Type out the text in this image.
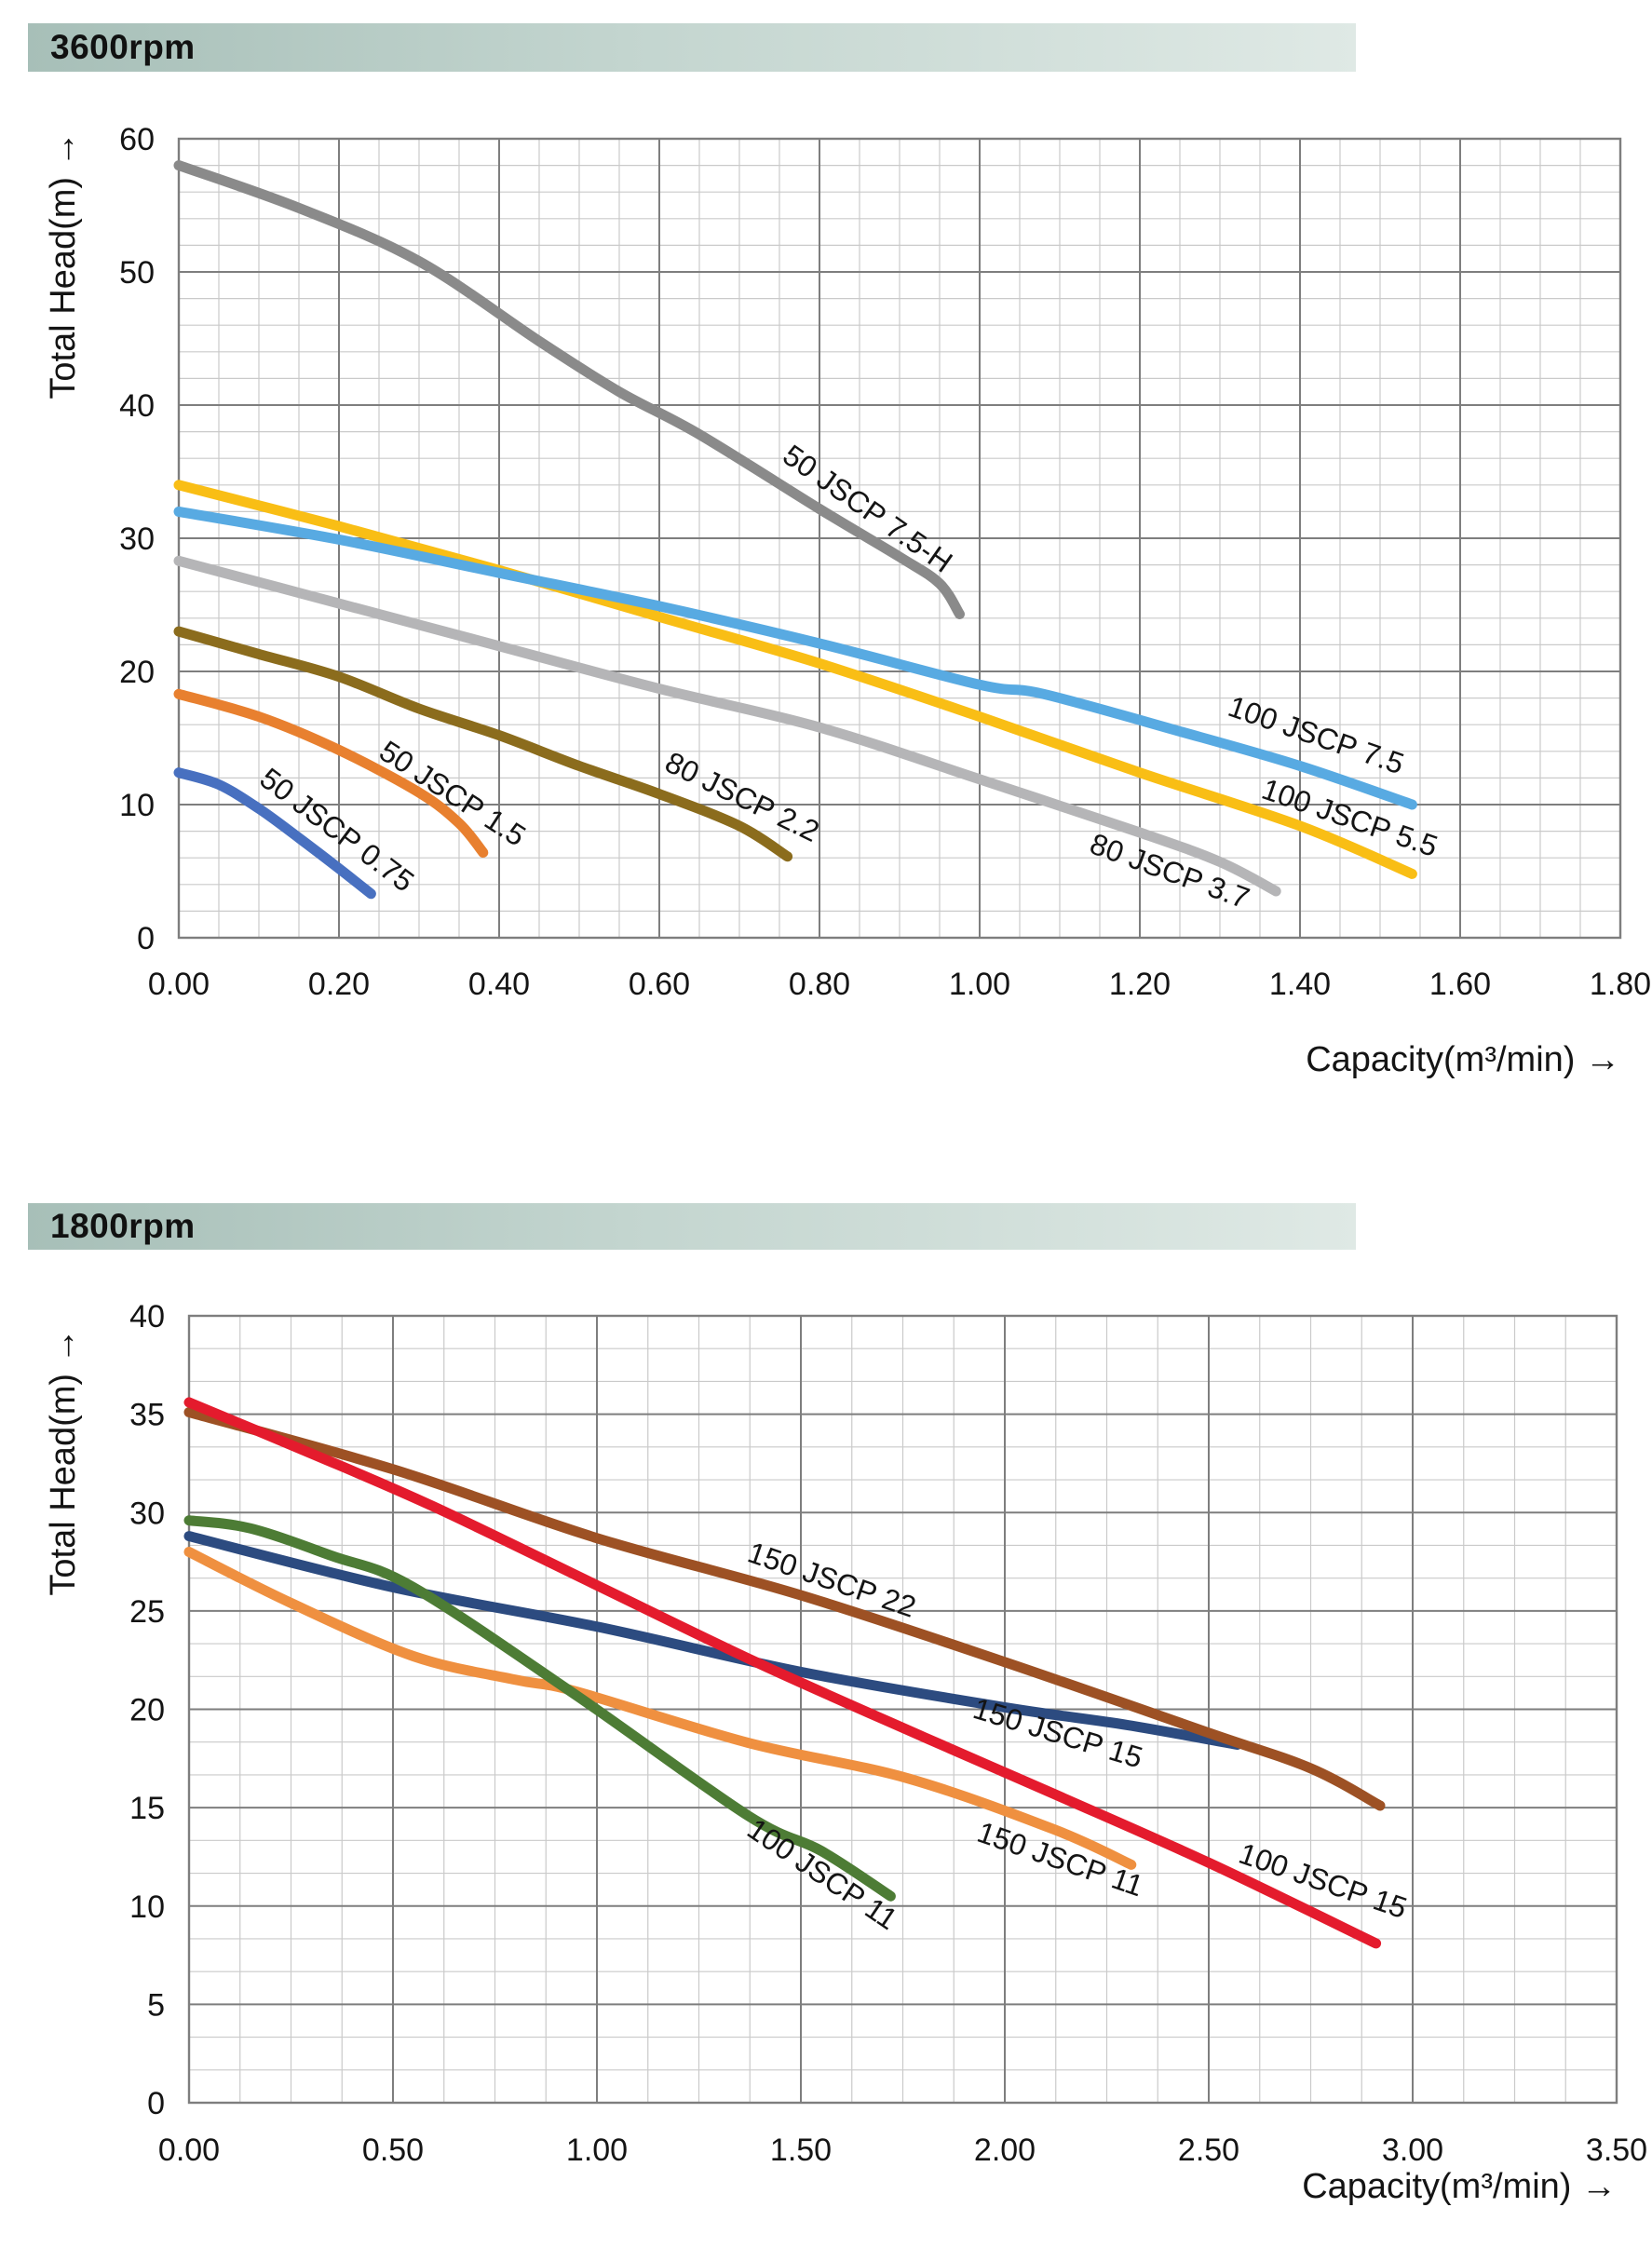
3600rpm
1800rpm
0.00	0.20	0.40	0.60	0.80	1.00	1.20	1.40	1.60	1.80
0
10
20
30
40
50
60
Capacity(m³/min) →
Total Head(m) →
50 JSCP 7.5-H
80 JSCP 3.7
80 JSCP 2.2	100 JSCP 5.5
100 JSCP 7.5
50 JSCP 1.5
50 JSCP 0.75
0.00	0.50	1.00	1.50	2.00	2.50	3.00	3.50
0
5
10
15
20
25
30
35
40
Capacity(m³/min) →
Total Head(m) →
150 JSCP 15
150 JSCP 11
100 JSCP 11
150 JSCP 22
100 JSCP 15
